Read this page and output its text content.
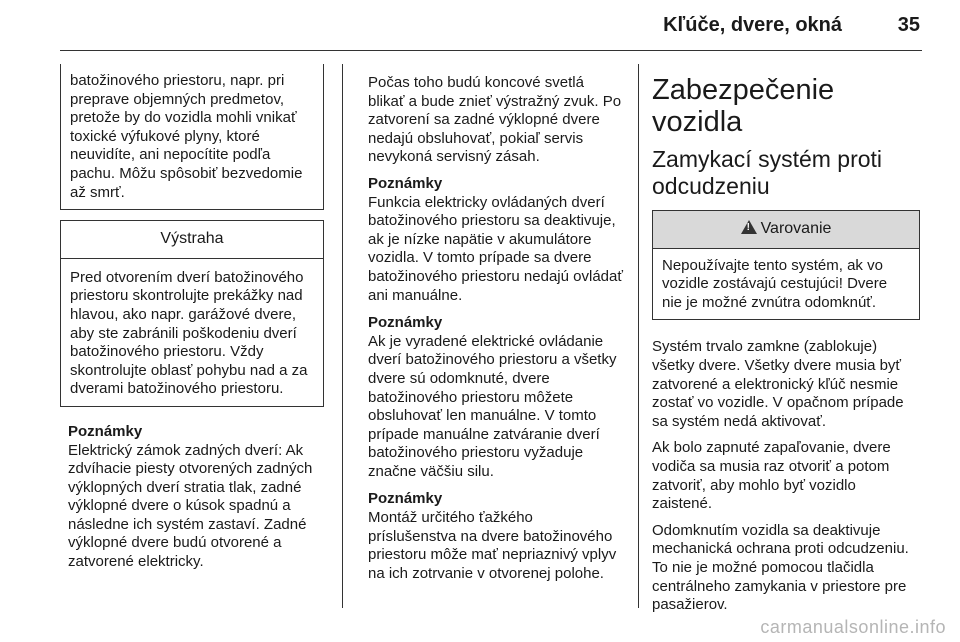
Kľúče, dvere, okná	35
batožinového priestoru, napr. pri preprave objemných predmetov, pretože by do vozidla mohli vnikať toxické výfukové plyny, ktoré neuvidíte, ani nepocítite podľa pachu. Môžu spôsobiť bezvedomie až smrť.
Výstraha
Pred otvorením dverí batožinového priestoru skontrolujte prekážky nad hlavou, ako napr. garážové dvere, aby ste zabránili poškodeniu dverí batožinového priestoru. Vždy skontrolujte oblasť pohybu nad a za dverami batožinového priestoru.
Poznámky
Elektrický zámok zadných dverí: Ak zdvíhacie piesty otvorených zadných výklopných dverí stratia tlak, zadné výklopné dvere o kúsok spadnú a následne ich systém zastaví. Zadné výklopné dvere budú otvorené a zatvorené elektricky.

Počas toho budú koncové svetlá blikať a bude znieť výstražný zvuk. Po zatvorení sa zadné výklopné dvere nedajú obsluhovať, pokiaľ servis nevykoná servisný zásah.

Poznámky
Funkcia elektricky ovládaných dverí batožinového priestoru sa deaktivuje, ak je nízke napätie v akumulátore vozidla. V tomto prípade sa dvere batožinového priestoru nedajú ovládať ani manuálne.
Poznámky
Ak je vyradené elektrické ovládanie dverí batožinového priestoru a všetky dvere sú odomknuté, dvere batožinového priestoru môžete obsluhovať len manuálne. V tomto prípade manuálne zatváranie dverí batožinového priestoru vyžaduje značne väčšiu silu.
Poznámky
Montáž určitého ťažkého príslušenstva na dvere batožinového priestoru môže mať nepriaznivý vplyv na ich zotrvanie v otvorenej polohe.
Zabezpečenie vozidla
Zamykací systém proti odcudzeniu
!Varovanie
Nepoužívajte tento systém, ak vo vozidle zostávajú cestujúci! Dvere nie je možné zvnútra odomknúť.

Systém trvalo zamkne (zablokuje) všetky dvere. Všetky dvere musia byť zatvorené a elektronický kľúč nesmie zostať vo vozidle. V opačnom prípade sa systém nedá aktivovať.

Ak bolo zapnuté zapaľovanie, dvere vodiča sa musia raz otvoriť a potom zatvoriť, aby mohlo byť vozidlo zaistené.

Odomknutím vozidla sa deaktivuje mechanická ochrana proti odcudzeniu. To nie je možné pomocou tlačidla centrálneho zamykania v priestore pre pasažierov.

carmanualsonline.info
